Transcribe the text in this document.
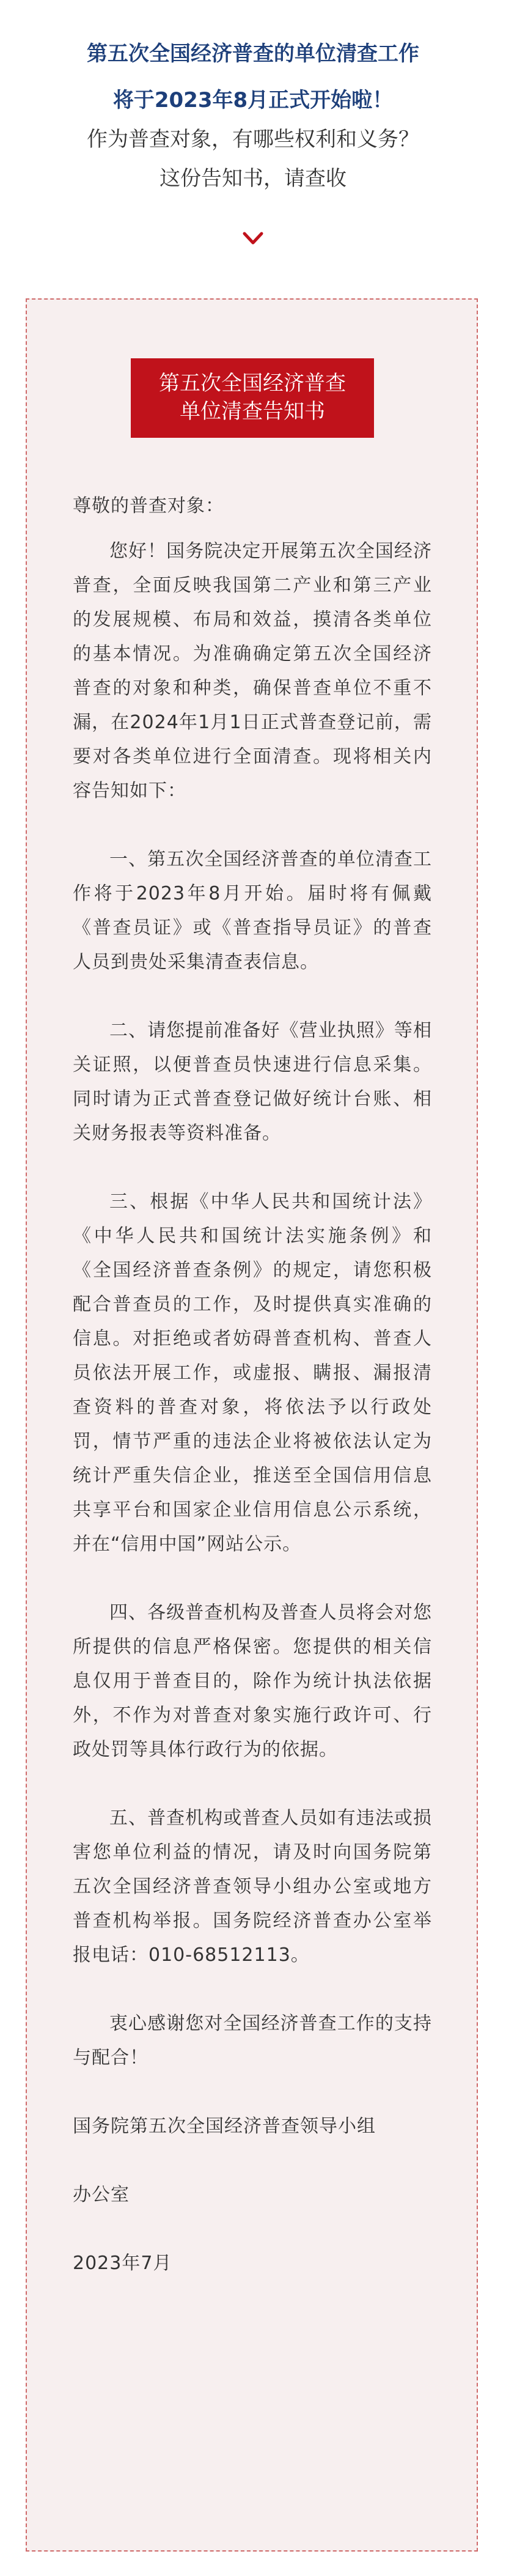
第五次全国经济普查的单位清查工作
将于2023年8月正式开始啦！
作为普查对象，有哪些权利和义务？
这份告知书，请查收
第五次全国经济普查
单位清查告知书

尊敬的普查对象：

您好！国务院决定开展第五次全国经济普查，全面反映我国第二产业和第三产业的发展规模、布局和效益，摸清各类单位的基本情况。为准确确定第五次全国经济普查的对象和种类，确保普查单位不重不漏，在2024年1月1日正式普查登记前，需要对各类单位进行全面清查。现将相关内容告知如下：

一、第五次全国经济普查的单位清查工作将于2023年8月开始。届时将有佩戴《普查员证》或《普查指导员证》的普查人员到贵处采集清查表信息。

二、请您提前准备好《营业执照》等相关证照，以便普查员快速进行信息采集。同时请为正式普查登记做好统计台账、相关财务报表等资料准备。

三、根据《中华人民共和国统计法》《中华人民共和国统计法实施条例》和《全国经济普查条例》的规定，请您积极配合普查员的工作，及时提供真实准确的信息。对拒绝或者妨碍普查机构、普查人员依法开展工作，或虚报、瞒报、漏报清查资料的普查对象，将依法予以行政处罚，情节严重的违法企业将被依法认定为统计严重失信企业，推送至全国信用信息共享平台和国家企业信用信息公示系统，并在“信用中国”网站公示。

四、各级普查机构及普查人员将会对您所提供的信息严格保密。您提供的相关信息仅用于普查目的，除作为统计执法依据外，不作为对普查对象实施行政许可、行政处罚等具体行政行为的依据。

五、普查机构或普查人员如有违法或损害您单位利益的情况，请及时向国务院第五次全国经济普查领导小组办公室或地方普查机构举报。国务院经济普查办公室举报电话：010-68512113。

衷心感谢您对全国经济普查工作的支持与配合！

国务院第五次全国经济普查领导小组

办公室

2023年7月
